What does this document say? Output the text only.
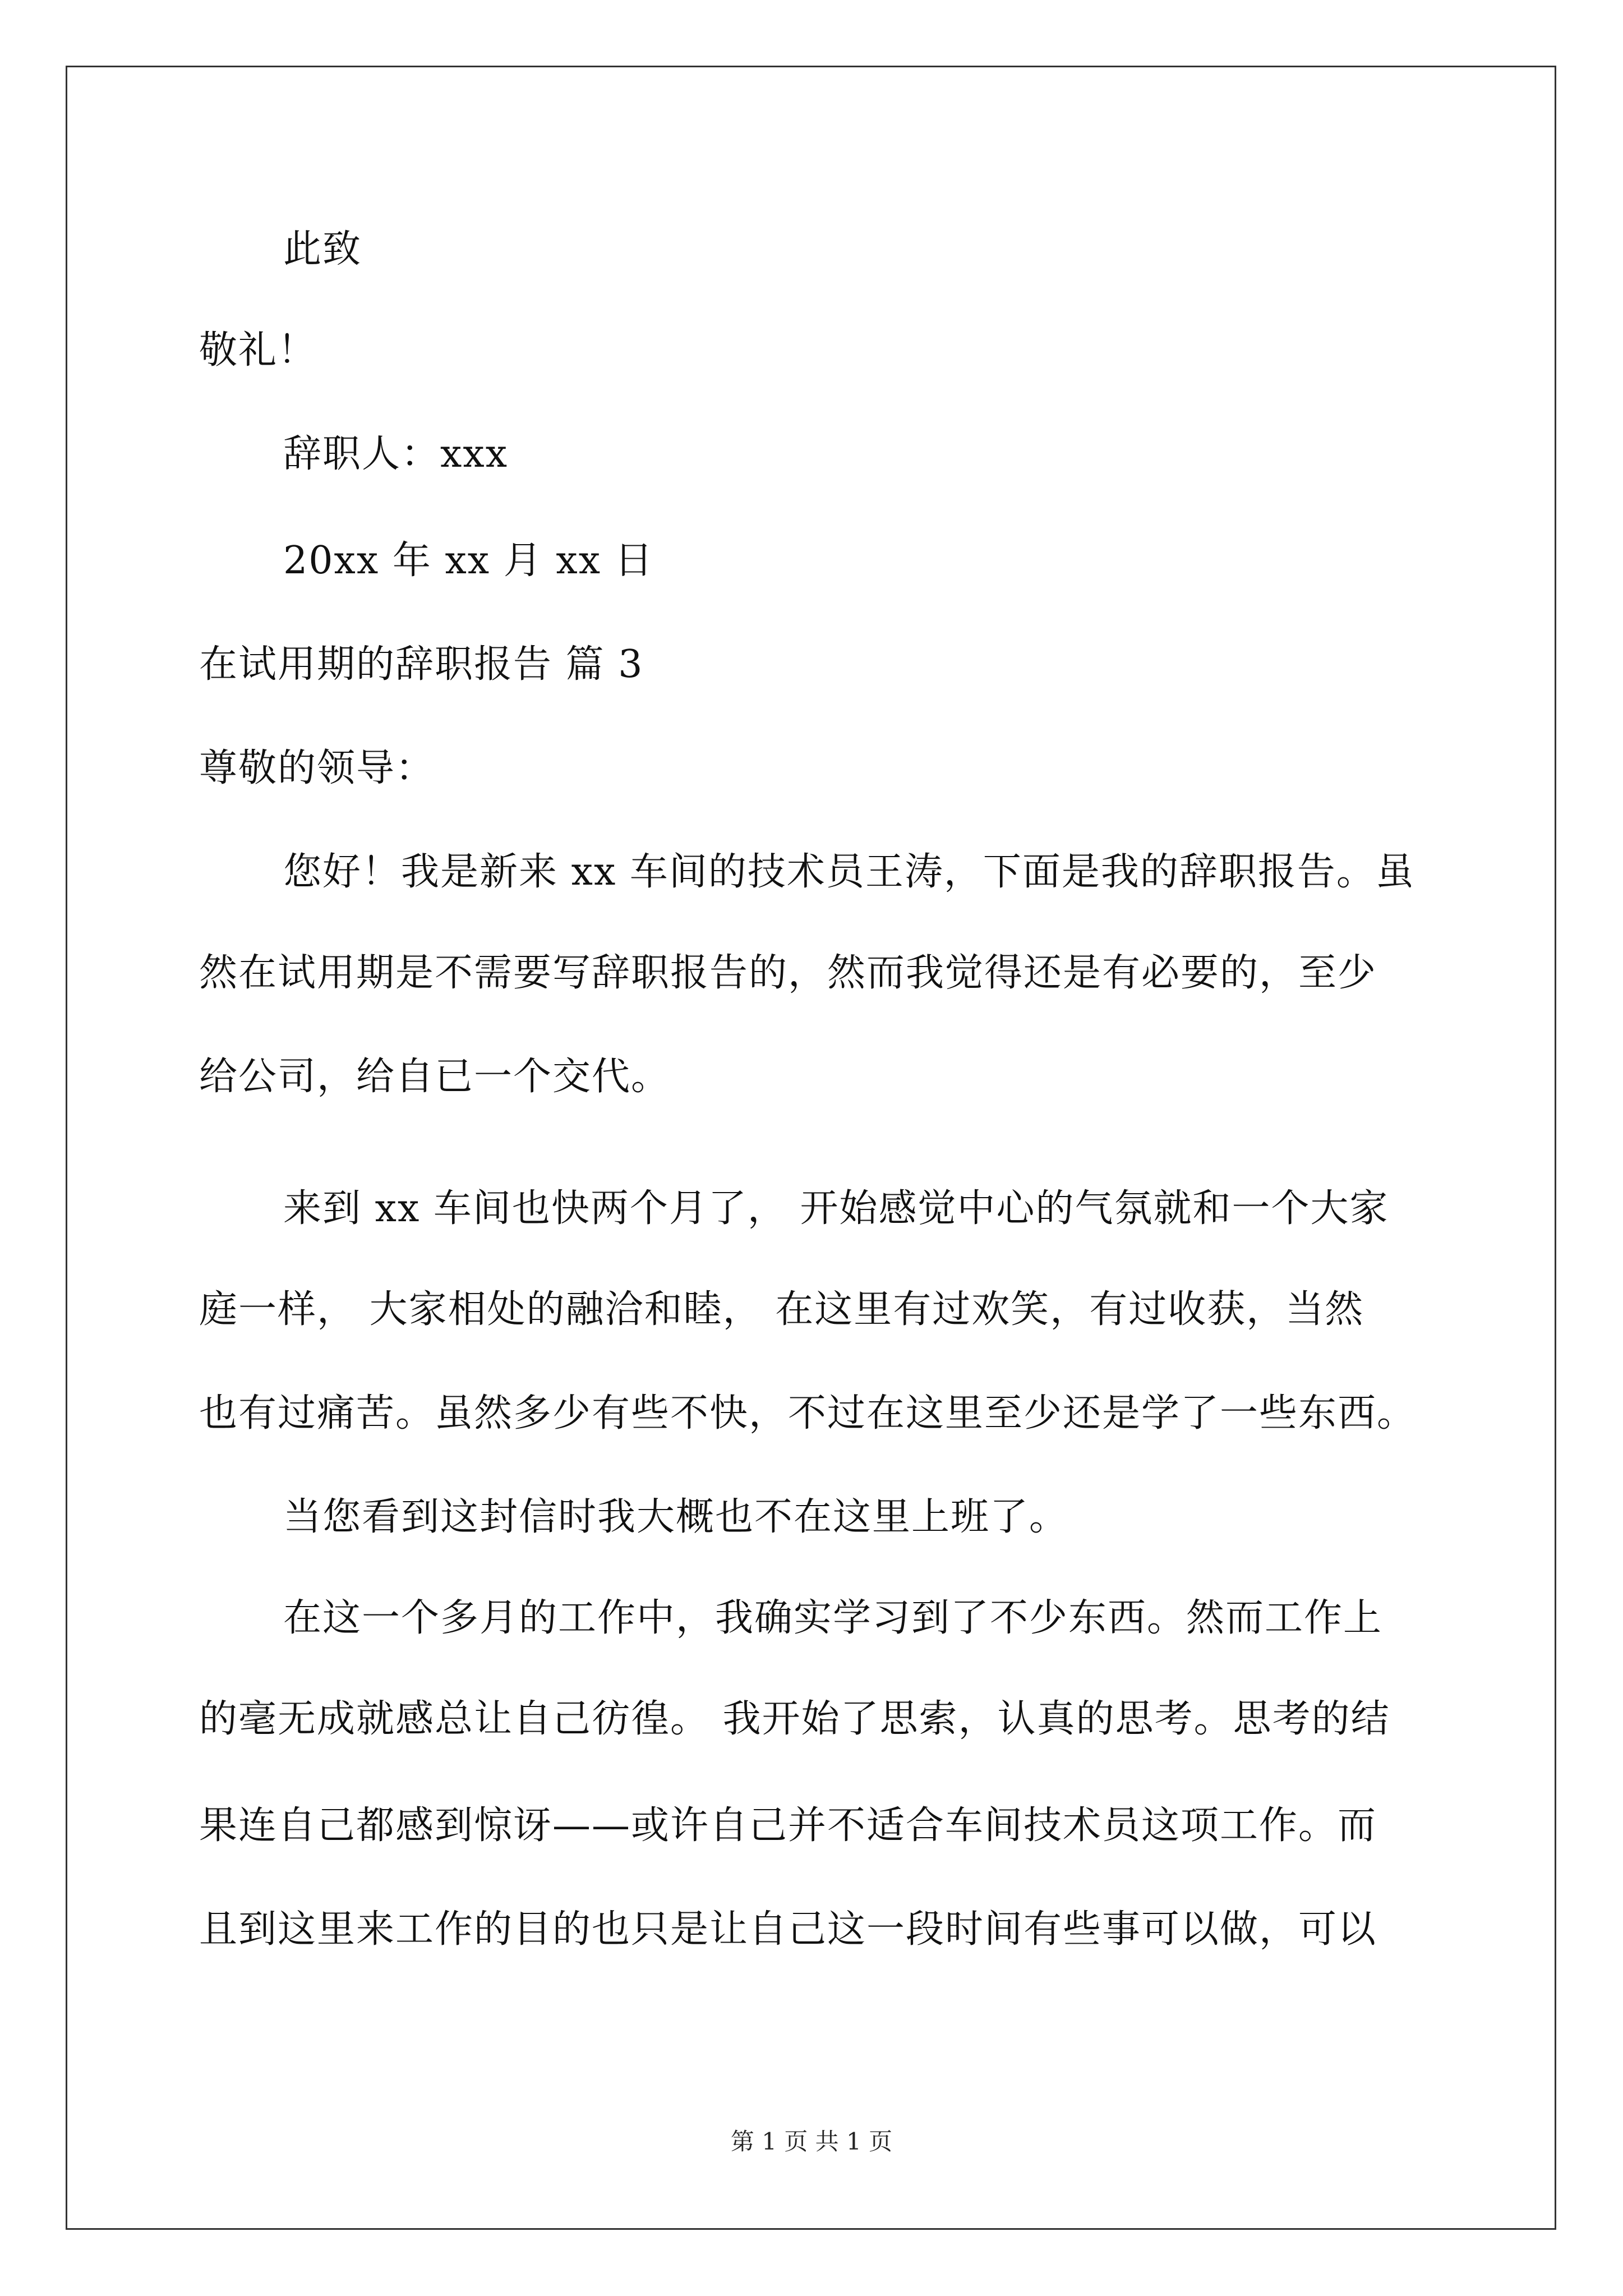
此致
敬礼！
辞职人：xxx
20xx 年 xx 月 xx 日
在试用期的辞职报告 篇 3
尊敬的领导：
您好！我是新来 xx 车间的技术员王涛，下面是我的辞职报告。虽
然在试用期是不需要写辞职报告的，然而我觉得还是有必要的，至少
给公司，给自已一个交代。
来到 xx 车间也快两个月了， 开始感觉中心的气氛就和一个大家
庭一样， 大家相处的融洽和睦， 在这里有过欢笑，有过收获，当然
也有过痛苦。虽然多少有些不快，不过在这里至少还是学了一些东西。
当您看到这封信时我大概也不在这里上班了。
在这一个多月的工作中，我确实学习到了不少东西。然而工作上
的毫无成就感总让自己彷徨。 我开始了思索，认真的思考。思考的结
果连自己都感到惊讶——或许自己并不适合车间技术员这项工作。而
且到这里来工作的目的也只是让自己这一段时间有些事可以做，可以
第 1 页 共 1 页
